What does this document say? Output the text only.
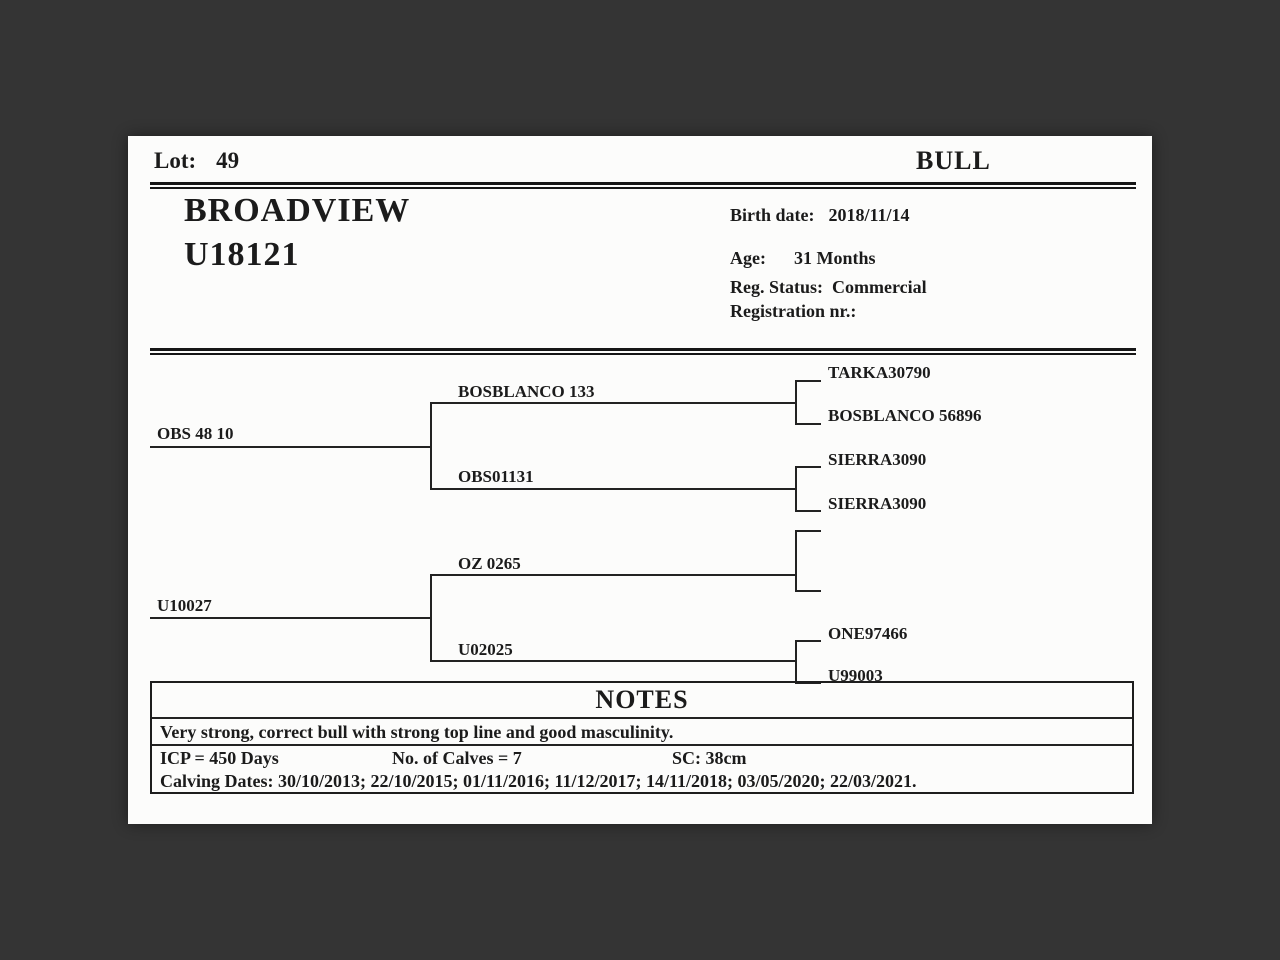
Lot: 49	BULL
BROADVIEW
U18121
Birth date: 2018/11/14
Age: 31 Months
Reg. Status: Commercial
Registration nr.:
OBS 48 10
U10027
BOSBLANCO 133
OBS01131
OZ 0265
U02025
TARKA30790
BOSBLANCO 56896
SIERRA3090
SIERRA3090
ONE97466
U99003
NOTES
Very strong, correct bull with strong top line and good masculinity.
ICP = 450 Days	No. of Calves = 7	SC: 38cm
Calving Dates: 30/10/2013; 22/10/2015; 01/11/2016; 11/12/2017; 14/11/2018; 03/05/2020; 22/03/2021.
